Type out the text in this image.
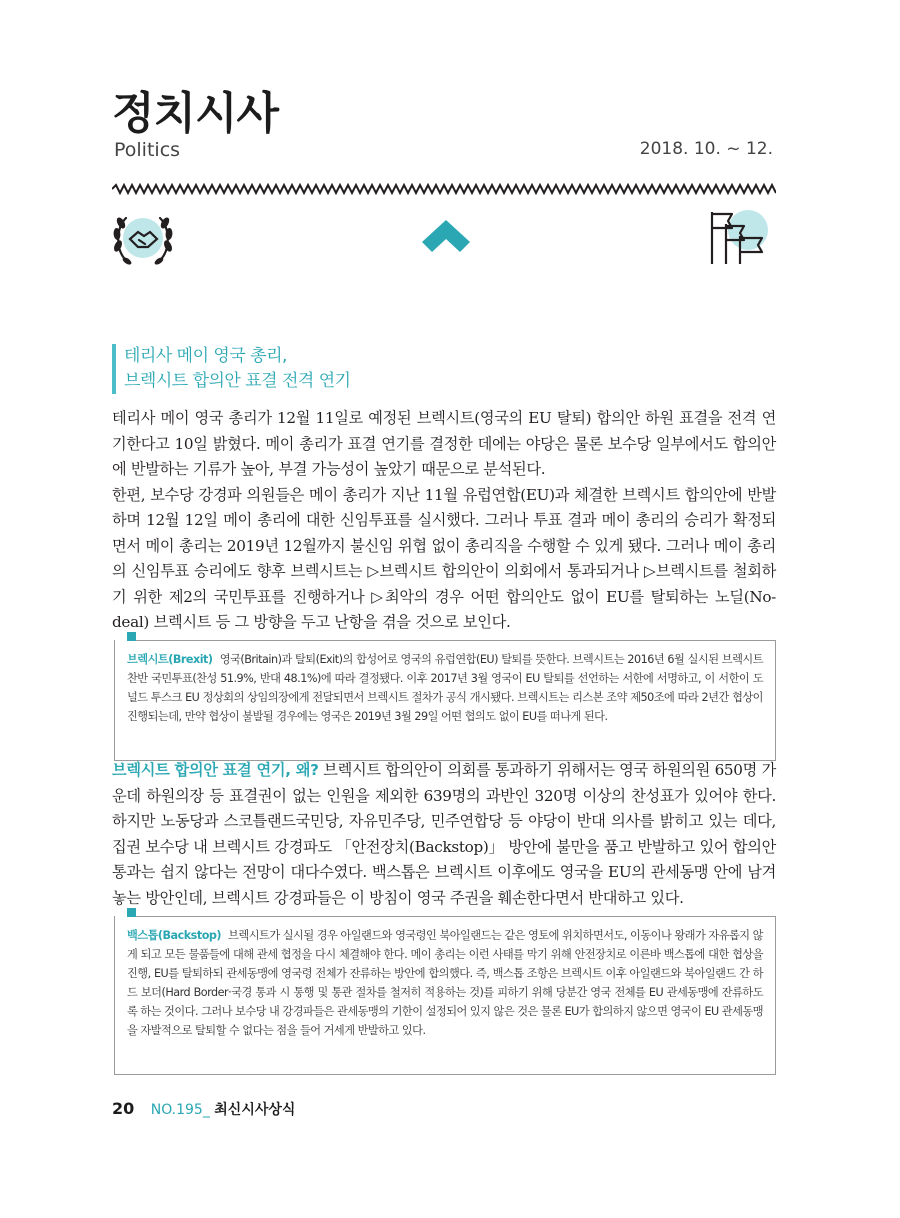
정치시사
Politics	2018. 10. ~ 12.
테리사 메이 영국 총리,
브렉시트 합의안 표결 전격 연기

테리사 메이 영국 총리가 12월 11일로 예정된 브렉시트(영국의 EU 탈퇴) 합의안 하원 표결을 전격 연기한다고 10일 밝혔다. 메이 총리가 표결 연기를 결정한 데에는 야당은 물론 보수당 일부에서도 합의안에 반발하는 기류가 높아, 부결 가능성이 높았기 때문으로 분석된다.

한편, 보수당 강경파 의원들은 메이 총리가 지난 11월 유럽연합(EU)과 체결한 브렉시트 합의안에 반발하며 12월 12일 메이 총리에 대한 신임투표를 실시했다. 그러나 투표 결과 메이 총리의 승리가 확정되면서 메이 총리는 2019년 12월까지 불신임 위협 없이 총리직을 수행할 수 있게 됐다. 그러나 메이 총리의 신임투표 승리에도 향후 브렉시트는 ▷브렉시트 합의안이 의회에서 통과되거나 ▷브렉시트를 철회하기 위한 제2의 국민투표를 진행하거나 ▷최악의 경우 어떤 합의안도 없이 EU를 탈퇴하는 노딜(No-deal) 브렉시트 등 그 방향을 두고 난항을 겪을 것으로 보인다.

브렉시트(Brexit) 영국(Britain)과 탈퇴(Exit)의 합성어로 영국의 유럽연합(EU) 탈퇴를 뜻한다. 브렉시트는 2016년 6월 실시된 브렉시트 찬반 국민투표(찬성 51.9%, 반대 48.1%)에 따라 결정됐다. 이후 2017년 3월 영국이 EU 탈퇴를 선언하는 서한에 서명하고, 이 서한이 도널드 투스크 EU 정상회의 상임의장에게 전달되면서 브렉시트 절차가 공식 개시됐다. 브렉시트는 리스본 조약 제50조에 따라 2년간 협상이 진행되는데, 만약 협상이 불발될 경우에는 영국은 2019년 3월 29일 어떤 협의도 없이 EU를 떠나게 된다.

브렉시트 합의안 표결 연기, 왜? 브렉시트 합의안이 의회를 통과하기 위해서는 영국 하원의원 650명 가운데 하원의장 등 표결권이 없는 인원을 제외한 639명의 과반인 320명 이상의 찬성표가 있어야 한다. 하지만 노동당과 스코틀랜드국민당, 자유민주당, 민주연합당 등 야당이 반대 의사를 밝히고 있는 데다, 집권 보수당 내 브렉시트 강경파도 「안전장치(Backstop)」 방안에 불만을 품고 반발하고 있어 합의안 통과는 쉽지 않다는 전망이 대다수였다. 백스톱은 브렉시트 이후에도 영국을 EU의 관세동맹 안에 남겨 놓는 방안인데, 브렉시트 강경파들은 이 방침이 영국 주권을 훼손한다면서 반대하고 있다.

백스톱(Backstop) 브렉시트가 실시될 경우 아일랜드와 영국령인 북아일랜드는 같은 영토에 위치하면서도, 이동이나 왕래가 자유롭지 않게 되고 모든 물품들에 대해 관세 협정을 다시 체결해야 한다. 메이 총리는 이런 사태를 막기 위해 안전장치로 이른바 백스톱에 대한 협상을 진행, EU를 탈퇴하되 관세동맹에 영국령 전체가 잔류하는 방안에 합의했다. 즉, 백스톱 조항은 브렉시트 이후 아일랜드와 북아일랜드 간 하드 보더(Hard Border·국경 통과 시 통행 및 통관 절차를 철저히 적용하는 것)를 피하기 위해 당분간 영국 전체를 EU 관세동맹에 잔류하도록 하는 것이다. 그러나 보수당 내 강경파들은 관세동맹의 기한이 설정되어 있지 않은 것은 물론 EU가 합의하지 않으면 영국이 EU 관세동맹을 자발적으로 탈퇴할 수 없다는 점을 들어 거세게 반발하고 있다.
20 NO.195_ 최신시사상식
